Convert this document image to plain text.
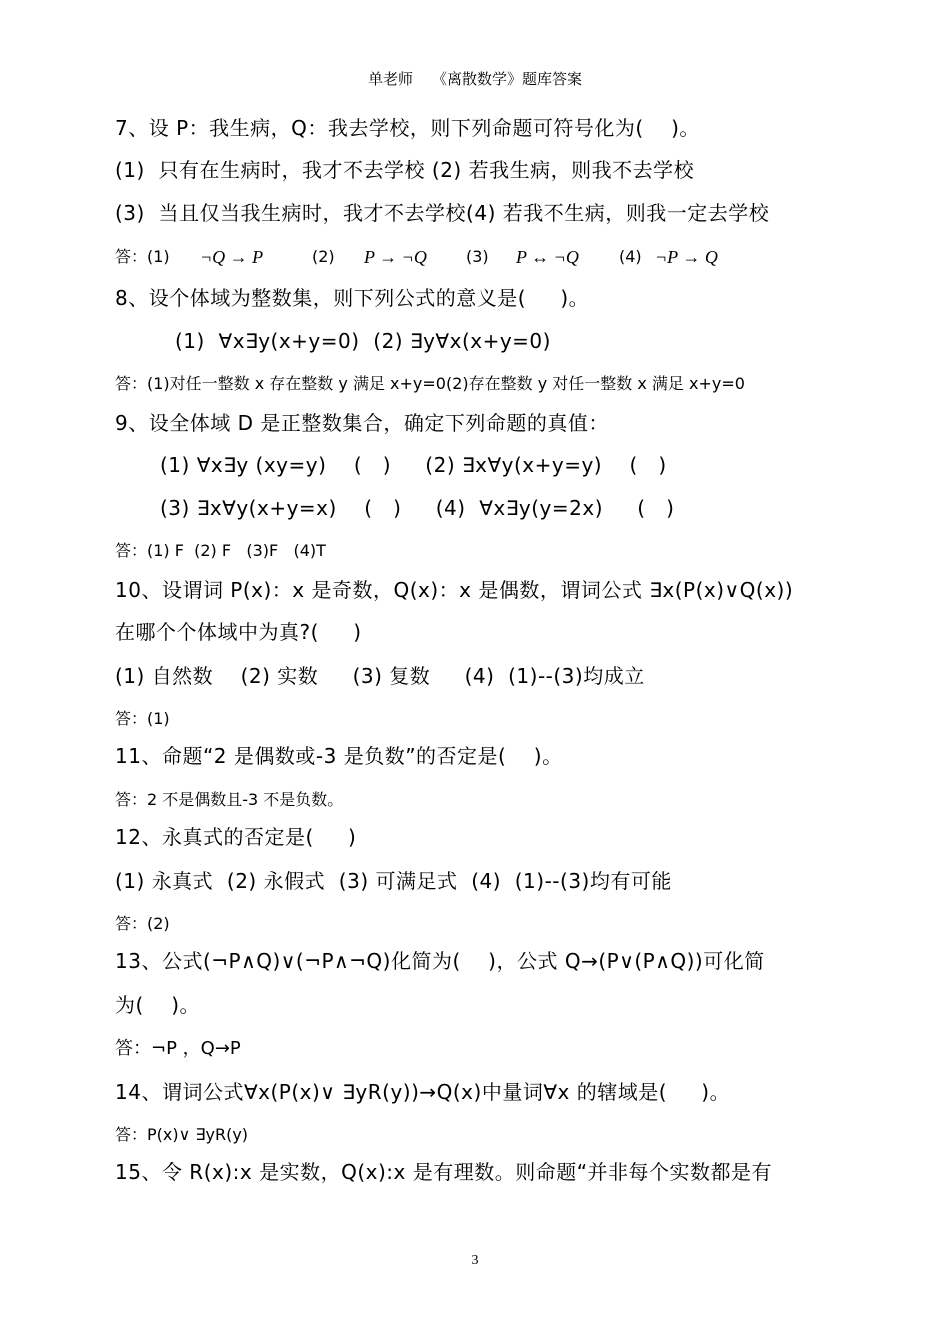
单老师    《离散数学》题库答案
7、设 P：我生病，Q：我去学校，则下列命题可符号化为(    )。
(1)  只有在生病时，我才不去学校 (2) 若我生病，则我不去学校
(3)  当且仅当我生病时，我才不去学校(4) 若我不生病，则我一定去学校
答：(1) ¬Q → P	(2) P → ¬Q (3) P ↔ ¬Q	(4) ¬P → Q
8、设个体域为整数集，则下列公式的意义是(     )。
(1)  ∀x∃y(x+y=0)  (2) ∃y∀x(x+y=0)
答：(1)对任一整数 x 存在整数 y 满足 x+y=0(2)存在整数 y 对任一整数 x 满足 x+y=0
9、设全体域 D 是正整数集合，确定下列命题的真值：
(1) ∀x∃y (xy=y)    (   )     (2) ∃x∀y(x+y=y)    (   )
(3) ∃x∀y(x+y=x)    (   )     (4)  ∀x∃y(y=2x)     (   )
答：(1) F  (2) F   (3)F   (4)T
10、设谓词 P(x)：x 是奇数，Q(x)：x 是偶数，谓词公式 ∃x(P(x)∨Q(x))
在哪个个体域中为真?(     )
(1) 自然数    (2) 实数     (3) 复数     (4)  (1)--(3)均成立
答：(1)
11、命题“2 是偶数或-3 是负数”的否定是(    )。
答：2 不是偶数且-3 不是负数。
12、永真式的否定是(     )
(1) 永真式  (2) 永假式  (3) 可满足式  (4)  (1)--(3)均有可能
答：(2)
13、公式(¬P∧Q)∨(¬P∧¬Q)化简为(    )，公式 Q→(P∨(P∧Q))可化简
为(    )。
答：¬P ，Q→P
14、谓词公式∀x(P(x)∨ ∃yR(y))→Q(x)中量词∀x 的辖域是(     )。
答：P(x)∨ ∃yR(y)
15、令 R(x):x 是实数，Q(x):x 是有理数。则命题“并非每个实数都是有
3
